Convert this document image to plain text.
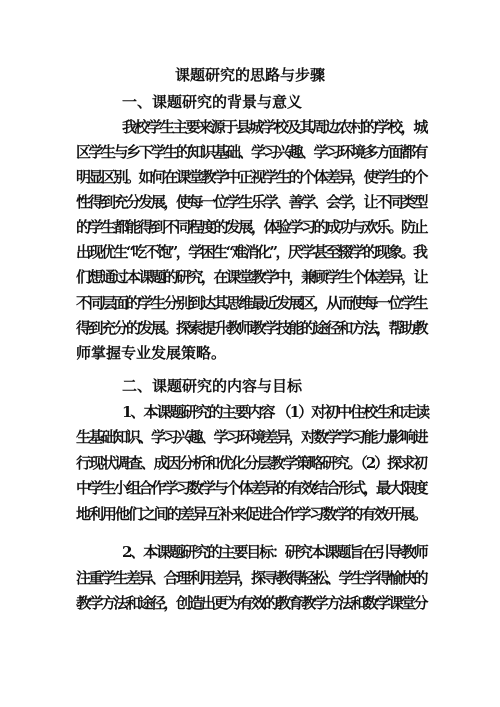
课题研究的思路与步骤
一、课题研究的背景与意义
我校学生主要来源于县城学校及其周边农村的学校，城
区学生与乡下学生的知识基础、学习兴趣、学习环境多方面都有
明显区别。如何在课堂教学中正视学生的个体差异，使学生的个
性得到充分发展，使每一位学生乐学、善学、会学，让不同类型
的学生都能得到不同程度的发展，体验学习的成功与欢乐。防止
出现优生“吃不饱”，学困生“难消化”，厌学甚至辍学的现象。我
们想通过本课题的研究，在课堂教学中，兼顾学生个体差异，让
不同层面的学生分别到达其思维最近发展区，从而使每一位学生
得到充分的发展。探索提升教师教学技能的途径和方法，帮助教
师掌握专业发展策略。
二、课题研究的内容与目标
1、本课题研究的主要内容 （1）对初中住校生和走读
生基础知识、学习兴趣、学习环境差异，对数学学习能力影响进
行现状调查、成因分析和优化分层教学策略研究。（2）探求初
中学生小组合作学习数学与个体差异的有效结合形式，最大限度
地利用他们之间的差异互补来促进合作学习数学的有效开展。
2、本课题研究的主要目标：研究本课题旨在引导教师
注重学生差异、合理利用差异，探寻教得轻松、学生学得愉快的
教学方法和途径，创造出更为有效的教育教学方法和数学课堂分
